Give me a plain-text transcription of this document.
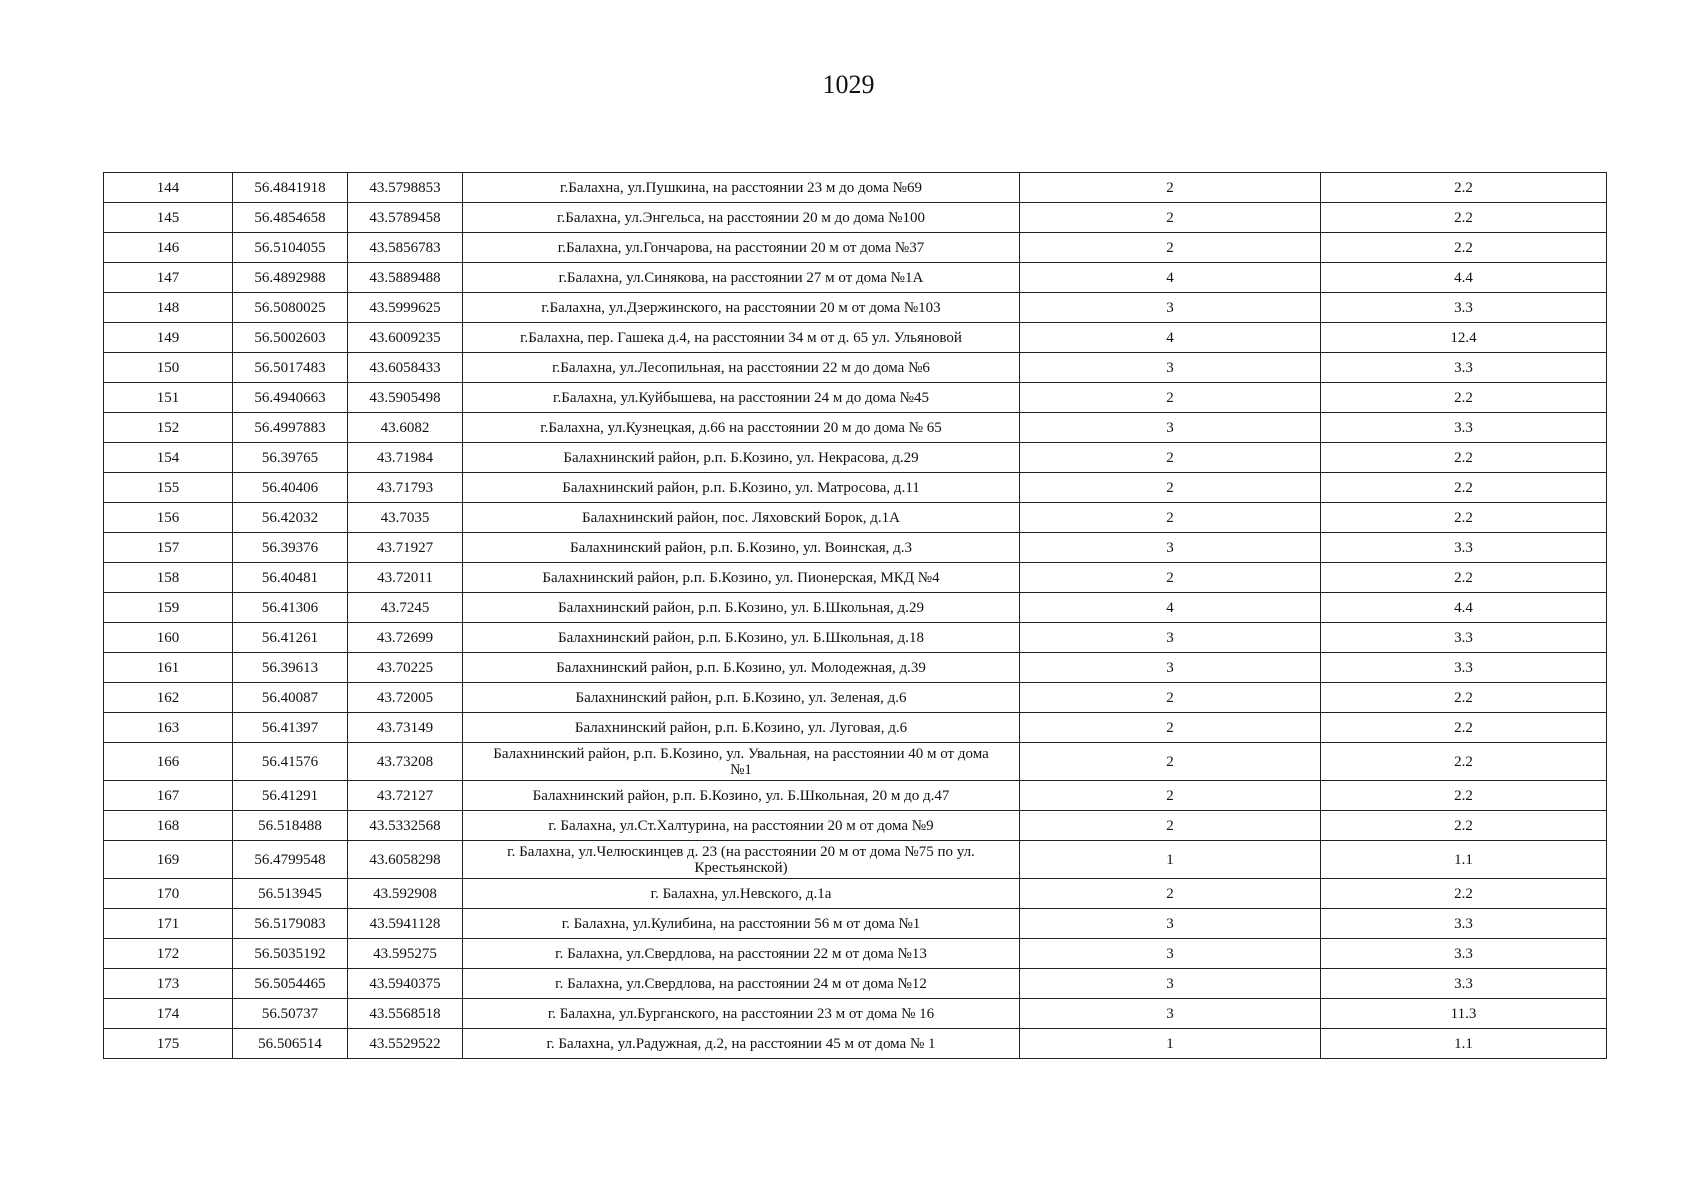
1029
144	56.4841918	43.5798853	г.Балахна, ул.Пушкина, на расстоянии 23 м до дома №69	2	2.2
145	56.4854658	43.5789458	г.Балахна, ул.Энгельса, на расстоянии 20 м до дома №100	2	2.2
146	56.5104055	43.5856783	г.Балахна, ул.Гончарова, на расстоянии 20 м от дома №37	2	2.2
147	56.4892988	43.5889488	г.Балахна, ул.Синякова, на расстоянии 27 м от дома №1А	4	4.4
148	56.5080025	43.5999625	г.Балахна, ул.Дзержинского, на расстоянии 20 м от дома №103	3	3.3
149	56.5002603	43.6009235	г.Балахна, пер. Гашека д.4, на расстоянии 34 м от д. 65 ул. Ульяновой	4	12.4
150	56.5017483	43.6058433	г.Балахна, ул.Лесопильная, на расстоянии 22 м до дома №6	3	3.3
151	56.4940663	43.5905498	г.Балахна, ул.Куйбышева, на расстоянии 24 м до дома №45	2	2.2
152	56.4997883	43.6082	г.Балахна, ул.Кузнецкая, д.66 на расстоянии 20 м до дома № 65	3	3.3
154	56.39765	43.71984	Балахнинский район, р.п. Б.Козино, ул. Некрасова, д.29	2	2.2
155	56.40406	43.71793	Балахнинский район, р.п. Б.Козино, ул. Матросова, д.11	2	2.2
156	56.42032	43.7035	Балахнинский район, пос. Ляховский Борок, д.1А	2	2.2
157	56.39376	43.71927	Балахнинский район, р.п. Б.Козино, ул. Воинская, д.3	3	3.3
158	56.40481	43.72011	Балахнинский район, р.п. Б.Козино, ул. Пионерская, МКД №4	2	2.2
159	56.41306	43.7245	Балахнинский район, р.п. Б.Козино, ул. Б.Школьная, д.29	4	4.4
160	56.41261	43.72699	Балахнинский район, р.п. Б.Козино, ул. Б.Школьная, д.18	3	3.3
161	56.39613	43.70225	Балахнинский район, р.п. Б.Козино, ул. Молодежная, д.39	3	3.3
162	56.40087	43.72005	Балахнинский район, р.п. Б.Козино, ул. Зеленая, д.6	2	2.2
163	56.41397	43.73149	Балахнинский район, р.п. Б.Козино, ул. Луговая, д.6	2	2.2
166	56.41576	43.73208	Балахнинский район, р.п. Б.Козино, ул. Увальная, на расстоянии 40 м от дома №1	2	2.2
167	56.41291	43.72127	Балахнинский район, р.п. Б.Козино, ул. Б.Школьная, 20 м до д.47	2	2.2
168	56.518488	43.5332568	г. Балахна, ул.Ст.Халтурина, на расстоянии 20 м от дома №9	2	2.2
169	56.4799548	43.6058298	г. Балахна, ул.Челюскинцев д. 23 (на расстоянии 20 м от дома №75 по ул. Крестьянской)	1	1.1
170	56.513945	43.592908	г. Балахна, ул.Невского, д.1а	2	2.2
171	56.5179083	43.5941128	г. Балахна, ул.Кулибина, на расстоянии 56 м от дома №1	3	3.3
172	56.5035192	43.595275	г. Балахна, ул.Свердлова, на расстоянии 22 м от дома №13	3	3.3
173	56.5054465	43.5940375	г. Балахна, ул.Свердлова, на расстоянии 24 м от дома №12	3	3.3
174	56.50737	43.5568518	г. Балахна, ул.Бурганского, на расстоянии 23 м от дома № 16	3	11.3
175	56.506514	43.5529522	г. Балахна, ул.Радужная, д.2, на расстоянии 45 м от дома № 1	1	1.1
